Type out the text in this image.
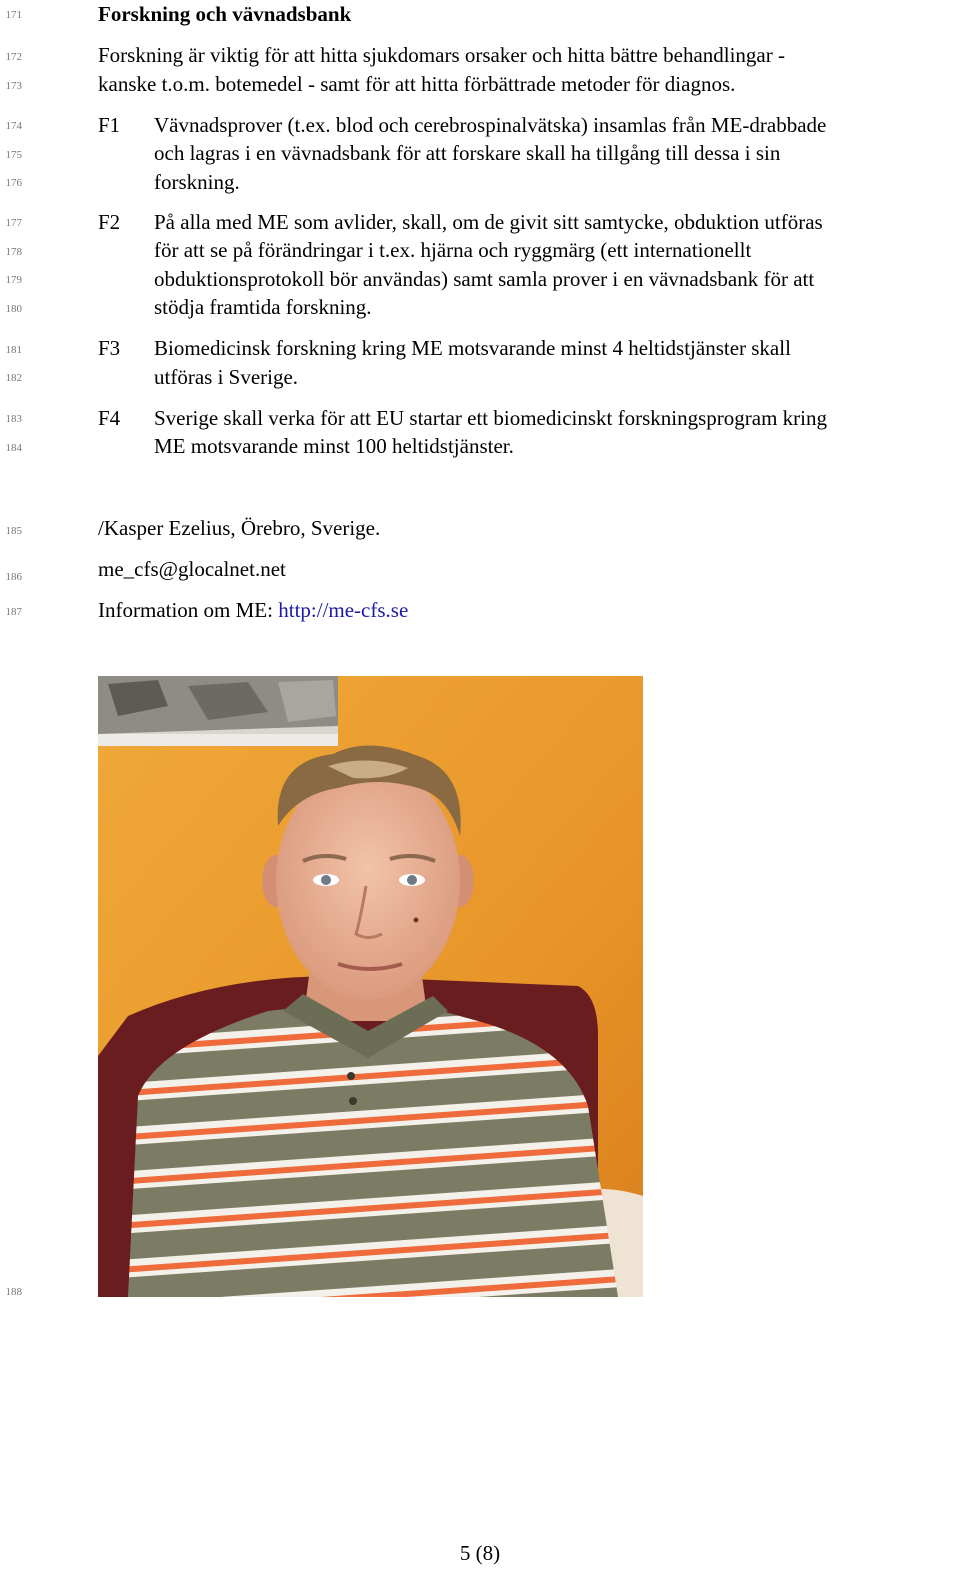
171
172
173
174
175
176
177
178
179
180
181
182
183
184
185
186
187
188
Forskning och vävnadsbank
Forskning är viktig för att hitta sjukdomars orsaker och hitta bättre behandlingar -
kanske t.o.m. botemedel - samt för att hitta förbättrade metoder för diagnos.
F1 Vävnadsprover (t.ex. blod och cerebrospinalvätska) insamlas från ME-drabbade
och lagras i en vävnadsbank för att forskare skall ha tillgång till dessa i sin
forskning.
F2 På alla med ME som avlider, skall, om de givit sitt samtycke, obduktion utföras
för att se på förändringar i t.ex. hjärna och ryggmärg (ett internationellt
obduktionsprotokoll bör användas) samt samla prover i en vävnadsbank för att
stödja framtida forskning.
F3 Biomedicinsk forskning kring ME motsvarande minst 4 heltidstjänster skall
utföras i Sverige.
F4 Sverige skall verka för att EU startar ett biomedicinskt forskningsprogram kring
ME motsvarande minst 100 heltidstjänster.
/Kasper Ezelius, Örebro, Sverige.
me_cfs@glocalnet.net
Information om ME: http://me-cfs.se
5 (8)
